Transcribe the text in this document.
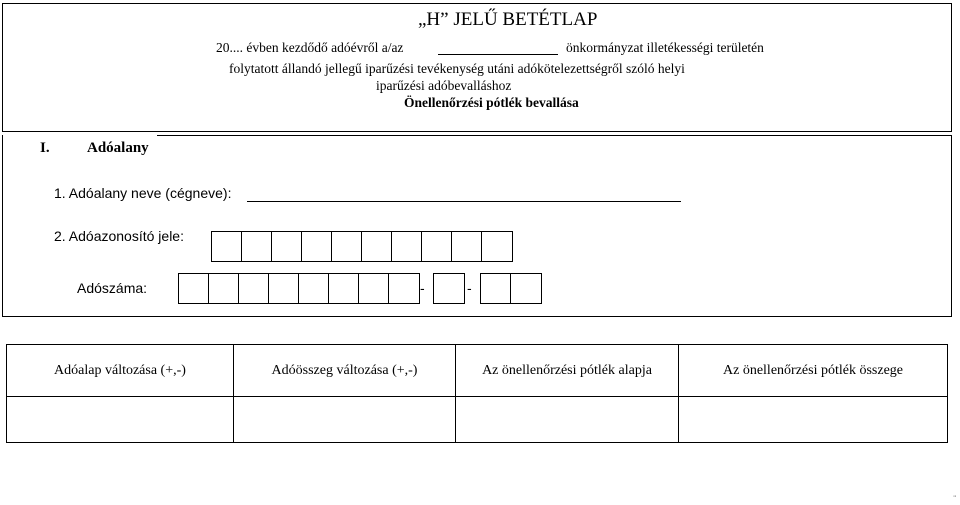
„H” JELŰ BETÉTLAP
20.... évben kezdődő adóévről a/az	önkormányzat illetékességi területén
folytatott állandó jellegű iparűzési tevékenység utáni adókötelezettségről szóló helyi
iparűzési adóbevalláshoz
Önellenőrzési pótlék bevallása
I. Adóalany
1. Adóalany neve (cégneve):
2. Adóazonosító jele:
Adószáma:	-	-
Adóalap változása (+,-)	Adóösszeg változása (+,-)	Az önellenőrzési pótlék alapja	Az önellenőrzési pótlék összege
¨
